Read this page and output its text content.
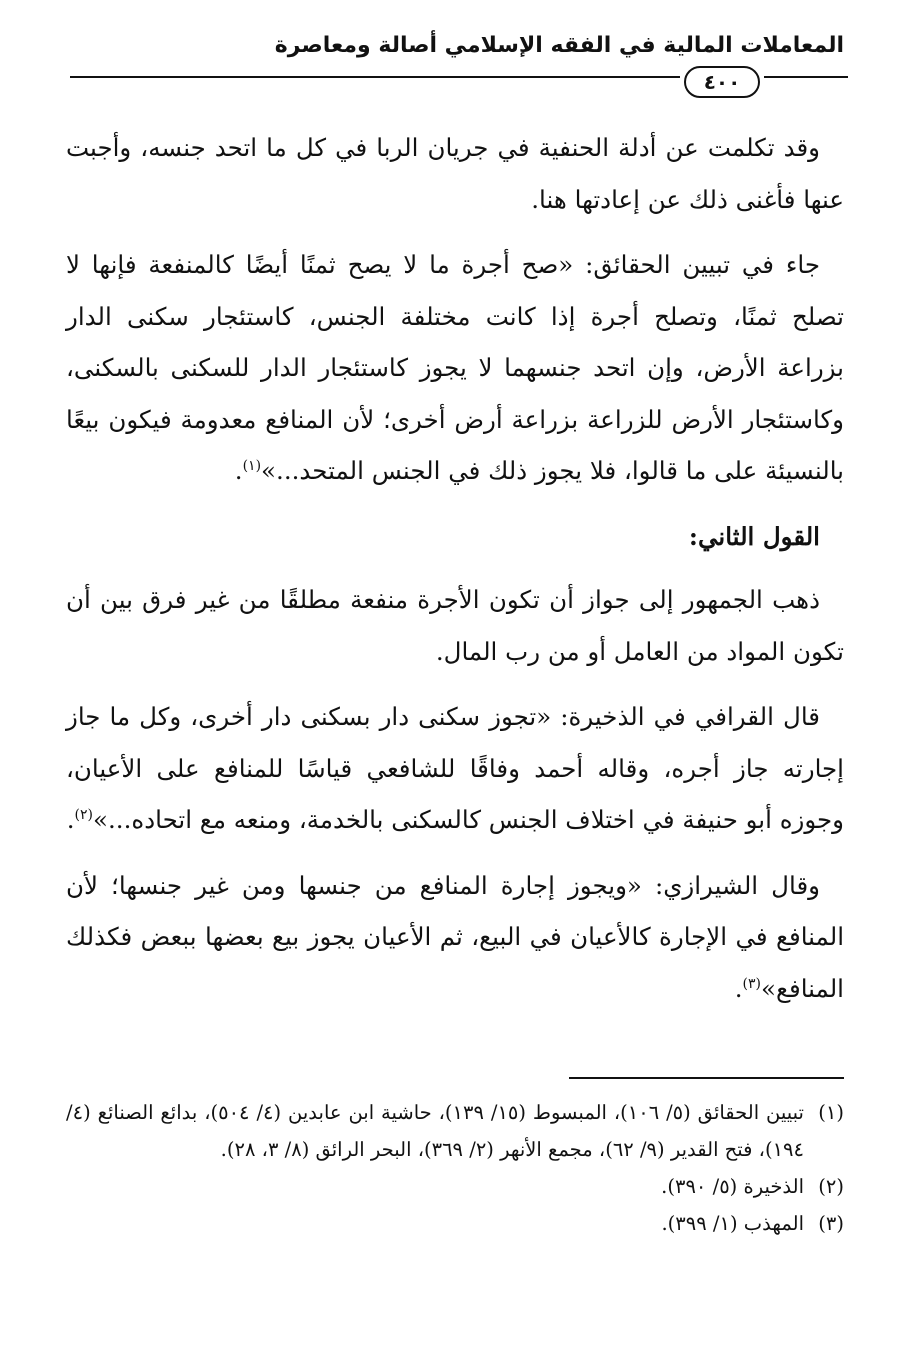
المعاملات المالية في الفقه الإسلامي أصالة ومعاصرة
٤٠٠

وقد تكلمت عن أدلة الحنفية في جريان الربا في كل ما اتحد جنسه، وأجبت عنها فأغنى ذلك عن إعادتها هنا.

جاء في تبيين الحقائق: «صح أجرة ما لا يصح ثمنًا أيضًا كالمنفعة فإنها لا تصلح ثمنًا، وتصلح أجرة إذا كانت مختلفة الجنس، كاستئجار سكنى الدار بزراعة الأرض، وإن اتحد جنسهما لا يجوز كاستئجار الدار للسكنى بالسكنى، وكاستئجار الأرض للزراعة بزراعة أرض أخرى؛ لأن المنافع معدومة فيكون بيعًا بالنسيئة على ما قالوا، فلا يجوز ذلك في الجنس المتحد...»$^{(١)}$.

القول الثاني:

ذهب الجمهور إلى جواز أن تكون الأجرة منفعة مطلقًا من غير فرق بين أن تكون المواد من العامل أو من رب المال.

قال القرافي في الذخيرة: «تجوز سكنى دار بسكنى دار أخرى، وكل ما جاز إجارته جاز أجره، وقاله أحمد وفاقًا للشافعي قياسًا للمنافع على الأعيان، وجوزه أبو حنيفة في اختلاف الجنس كالسكنى بالخدمة، ومنعه مع اتحاده...»$^{(٢)}$.

وقال الشيرازي: «ويجوز إجارة المنافع من جنسها ومن غير جنسها؛ لأن المنافع في الإجارة كالأعيان في البيع، ثم الأعيان يجوز بيع بعضها ببعض فكذلك المنافع»$^{(٣)}$.

(١)تبيين الحقائق (٥/ ١٠٦)، المبسوط (١٥/ ١٣٩)، حاشية ابن عابدين (٤/ ٥٠٤)، بدائع الصنائع (٤/ ١٩٤)، فتح القدير (٩/ ٦٢)، مجمع الأنهر (٢/ ٣٦٩)، البحر الرائق (٨/ ٣، ٢٨).

(٢)الذخيرة (٥/ ٣٩٠).

(٣)المهذب (١/ ٣٩٩).
